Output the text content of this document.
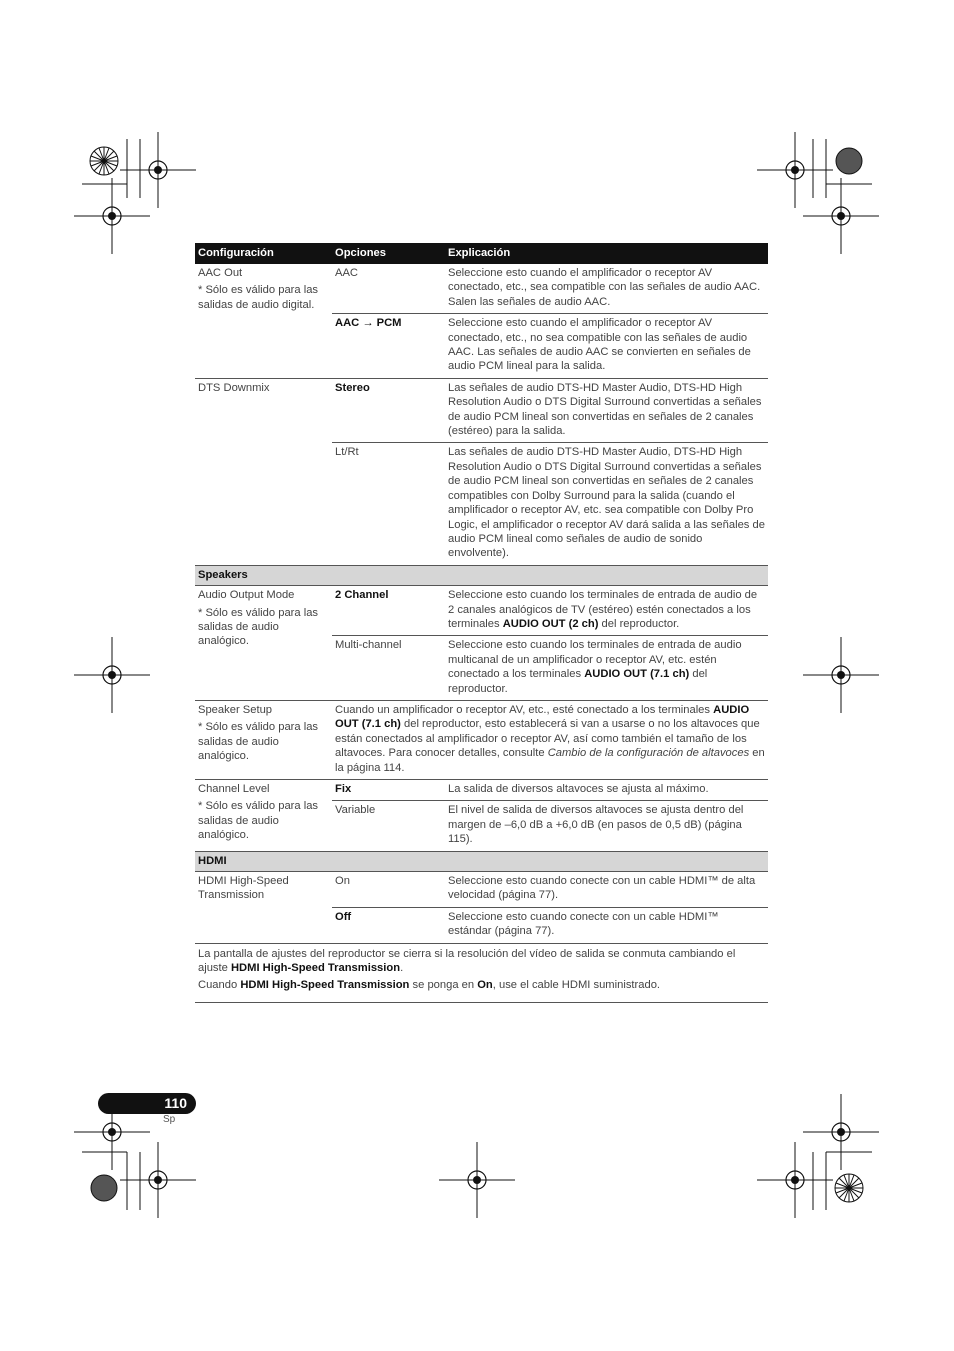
Configuración	Opciones	Explicación

AAC Out
* Sólo es válido para las salidas de audio digital.	AAC	Seleccione esto cuando el amplificador o receptor AV conectado, etc., sea compatible con las señales de audio AAC. Salen las señales de audio AAC.
	AAC → PCM	Seleccione esto cuando el amplificador o receptor AV conectado, etc., no sea compatible con las señales de audio AAC. Las señales de audio AAC se convierten en señales de audio PCM lineal para la salida.

DTS Downmix	Stereo	Las señales de audio DTS-HD Master Audio, DTS-HD High Resolution Audio o DTS Digital Surround convertidas a señales de audio PCM lineal son convertidas en señales de 2 canales (estéreo) para la salida.
	Lt/Rt	Las señales de audio DTS-HD Master Audio, DTS-HD High Resolution Audio o DTS Digital Surround convertidas a señales de audio PCM lineal son convertidas en señales de 2 canales compatibles con Dolby Surround para la salida (cuando el amplificador o receptor AV, etc. sea compatible con Dolby Pro Logic, el amplificador o receptor AV dará salida a las señales de audio PCM lineal como señales de audio de sonido envolvente).
Speakers		

Audio Output Mode
* Sólo es válido para las salidas de audio analógico.	2 Channel	Seleccione esto cuando los terminales de entrada de audio de 2 canales analógicos de TV (estéreo) estén conectados a los terminales AUDIO OUT (2 ch) del reproductor.
	Multi-channel	Seleccione esto cuando los terminales de entrada de audio multicanal de un amplificador o receptor AV, etc. estén conectado a los terminales AUDIO OUT (7.1 ch) del reproductor.

Speaker Setup
* Sólo es válido para las salidas de audio analógico.	Cuando un amplificador o receptor AV, etc., esté conectado a los terminales AUDIO OUT (7.1 ch) del reproductor, esto establecerá si van a usarse o no los altavoces que están conectados al amplificador o receptor AV, así como también el tamaño de los altavoces. Para conocer detalles, consulte Cambio de la configuración de altavoces en la página 114.	

Channel Level
* Sólo es válido para las salidas de audio analógico.	Fix	La salida de diversos altavoces se ajusta al máximo.
	Variable	El nivel de salida de diversos altavoces se ajusta dentro del margen de –6,0 dB a +6,0 dB (en pasos de 0,5 dB) (página 115).
HDMI		

HDMI High-Speed Transmission	On	Seleccione esto cuando conecte con un cable HDMI™ de alta velocidad (página 77).
	Off	Seleccione esto cuando conecte con un cable HDMI™ estándar (página 77).

La pantalla de ajustes del reproductor se cierra si la resolución del vídeo de salida se conmuta cambiando el ajuste HDMI High-Speed Transmission.

Cuando HDMI High-Speed Transmission se ponga en On, use el cable HDMI suministrado.		

110
Sp
